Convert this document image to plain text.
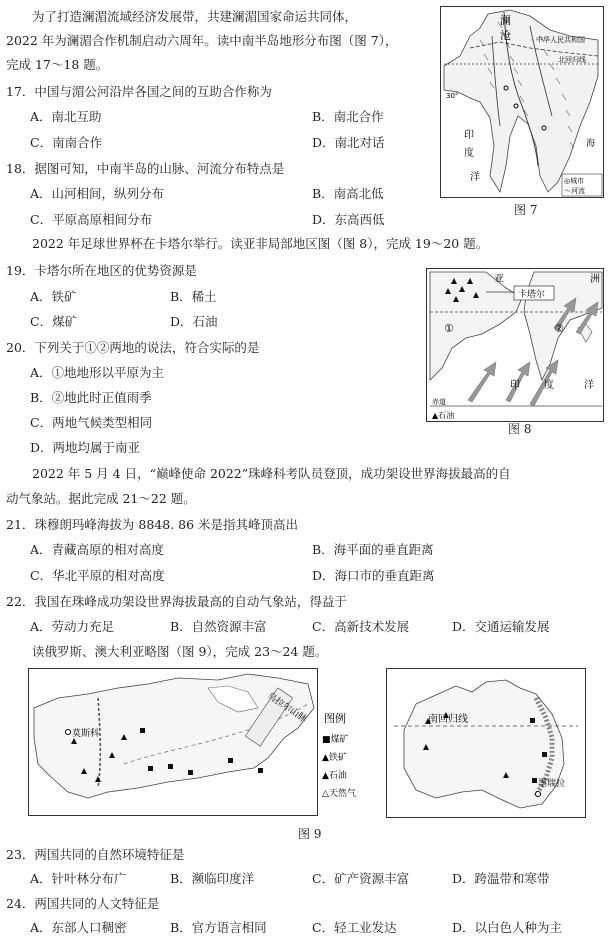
为了打造澜湄流域经济发展带，共建澜湄国家命运共同体，
2022 年为澜湄合作机制启动六周年。读中南半岛地形分布图（图 7），
完成 17～18 题。
17．中国与湄公河沿岸各国之间的互助合作称为
A．南北互助	B．南北合作
C．南南合作	D．南北对话
18．据图可知，中南半岛的山脉、河流分布特点是
A．山河相间，纵列分布	B．南高北低
C．平原高原相间分布	D．东高西低
澜
沧	中华人民共和国
北回归线
30°
印
度
洋
海
◎城市
～河流
图 7
2022 年足球世界杯在卡塔尔举行。读亚非局部地区图（图 8），完成 19～20 题。
19．卡塔尔所在地区的优势资源是
A．铁矿	B．稀土
C．煤矿	D．石油
20．下列关于①②两地的说法，符合实际的是
A．①地地形以平原为主
B．②地此时正值雨季
C．两地气候类型相同
D．两地均属于南亚
卡塔尔
亚	洲
①	②
印 度	洋
赤道
▲石油
图 8
2022 年 5 月 4 日，“巅峰使命 2022”珠峰科考队员登顶，成功架设世界海拔最高的自
动气象站。据此完成 21～22 题。
21．珠穆朗玛峰海拔为 8848. 86 米是指其峰顶高出
A．青藏高原的相对高度	B．海平面的垂直距离
C．华北平原的相对高度	D．海口市的垂直距离
22．我国在珠峰成功架设世界海拔最高的自动气象站，得益于
A．劳动力充足	B．自然资源丰富	C．高新技术发展	D．交通运输发展
读俄罗斯、澳大利亚略图（图 9），完成 23～24 题。
莫斯科
乌拉尔山脉 图例
■煤矿
▲铁矿
▲石油
△天然气
南回归线
墨瑞拉
图 9
23．两国共同的自然环境特征是
A．针叶林分布广	B．濒临印度洋	C．矿产资源丰富	D．跨温带和寒带
24．两国共同的人文特征是
A．东部人口稠密	B．官方语言相同	C．轻工业发达	D．以白色人种为主
